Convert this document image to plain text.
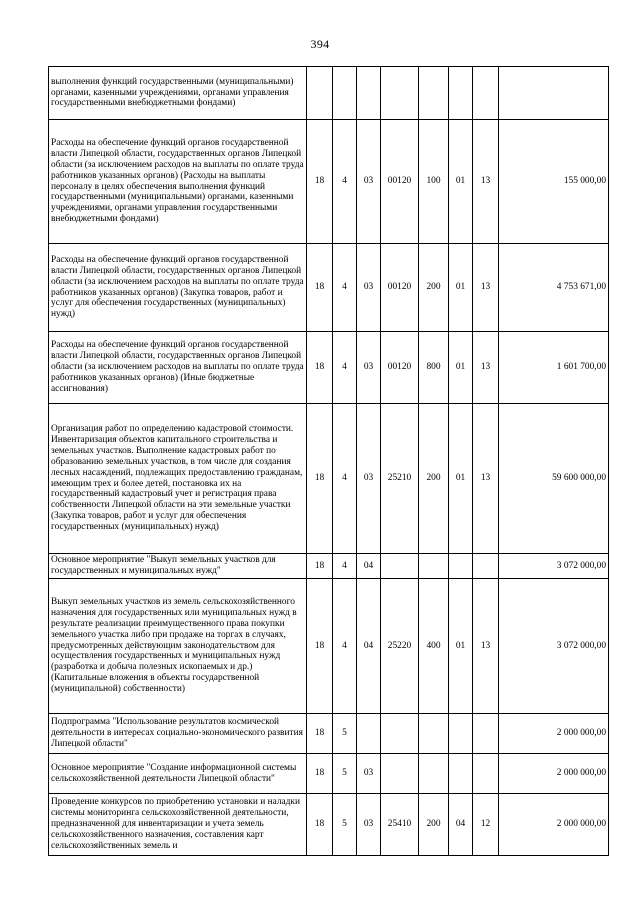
394
выполнения функций государственными (муниципальными) органами, казенными учреждениями, органами управления государственными внебюджетными фондами)								
Расходы на обеспечение функций органов государственной власти Липецкой области, государственных органов Липецкой области (за исключением расходов на выплаты по оплате труда работников указанных органов) (Расходы на выплаты персоналу в целях обеспечения выполнения функций государственными (муниципальными) органами, казенными учреждениями, органами управления государственными внебюджетными фондами)	18	4	03	00120	100	01	13	155 000,00
Расходы на обеспечение функций органов государственной власти Липецкой области, государственных органов Липецкой области (за исключением расходов на выплаты по оплате труда работников указанных органов) (Закупка товаров, работ и услуг для обеспечения государственных (муниципальных) нужд)	18	4	03	00120	200	01	13	4 753 671,00
Расходы на обеспечение функций органов государственной власти Липецкой области, государственных органов Липецкой области (за исключением расходов на выплаты по оплате труда работников указанных органов) (Иные бюджетные ассигнования)	18	4	03	00120	800	01	13	1 601 700,00
Организация работ по определению кадастровой стоимости. Инвентаризация объектов капитального строительства и земельных участков. Выполнение кадастровых работ по образованию земельных участков, в том числе для создания лесных насаждений, подлежащих предоставлению гражданам, имеющим трех и более детей, постановка их на государственный кадастровый учет и регистрация права собственности Липецкой области на эти земельные участки (Закупка товаров, работ и услуг для обеспечения государственных (муниципальных) нужд)	18	4	03	25210	200	01	13	59 600 000,00
Основное мероприятие "Выкуп земельных участков для государственных и муниципальных нужд"	18	4	04					3 072 000,00
Выкуп земельных участков из земель сельскохозяйственного назначения для государственных или муниципальных нужд в результате реализации преимущественного права покупки земельного участка либо при продаже на торгах в случаях, предусмотренных действующим законодательством для осуществления государственных и муниципальных нужд (разработка и добыча полезных ископаемых и др.) (Капитальные вложения в объекты государственной (муниципальной) собственности)	18	4	04	25220	400	01	13	3 072 000,00
Подпрограмма "Использование результатов космической деятельности в интересах социально-экономического развития Липецкой области"	18	5						2 000 000,00
Основное мероприятие "Создание информационной системы сельскохозяйственной деятельности Липецкой области"	18	5	03					2 000 000,00
Проведение конкурсов по приобретению установки и наладки системы мониторинга сельскохозяйственной деятельности, предназначенной для инвентаризации и учета земель сельскохозяйственного назначения, составления карт сельскохозяйственных земель и	18	5	03	25410	200	04	12	2 000 000,00
